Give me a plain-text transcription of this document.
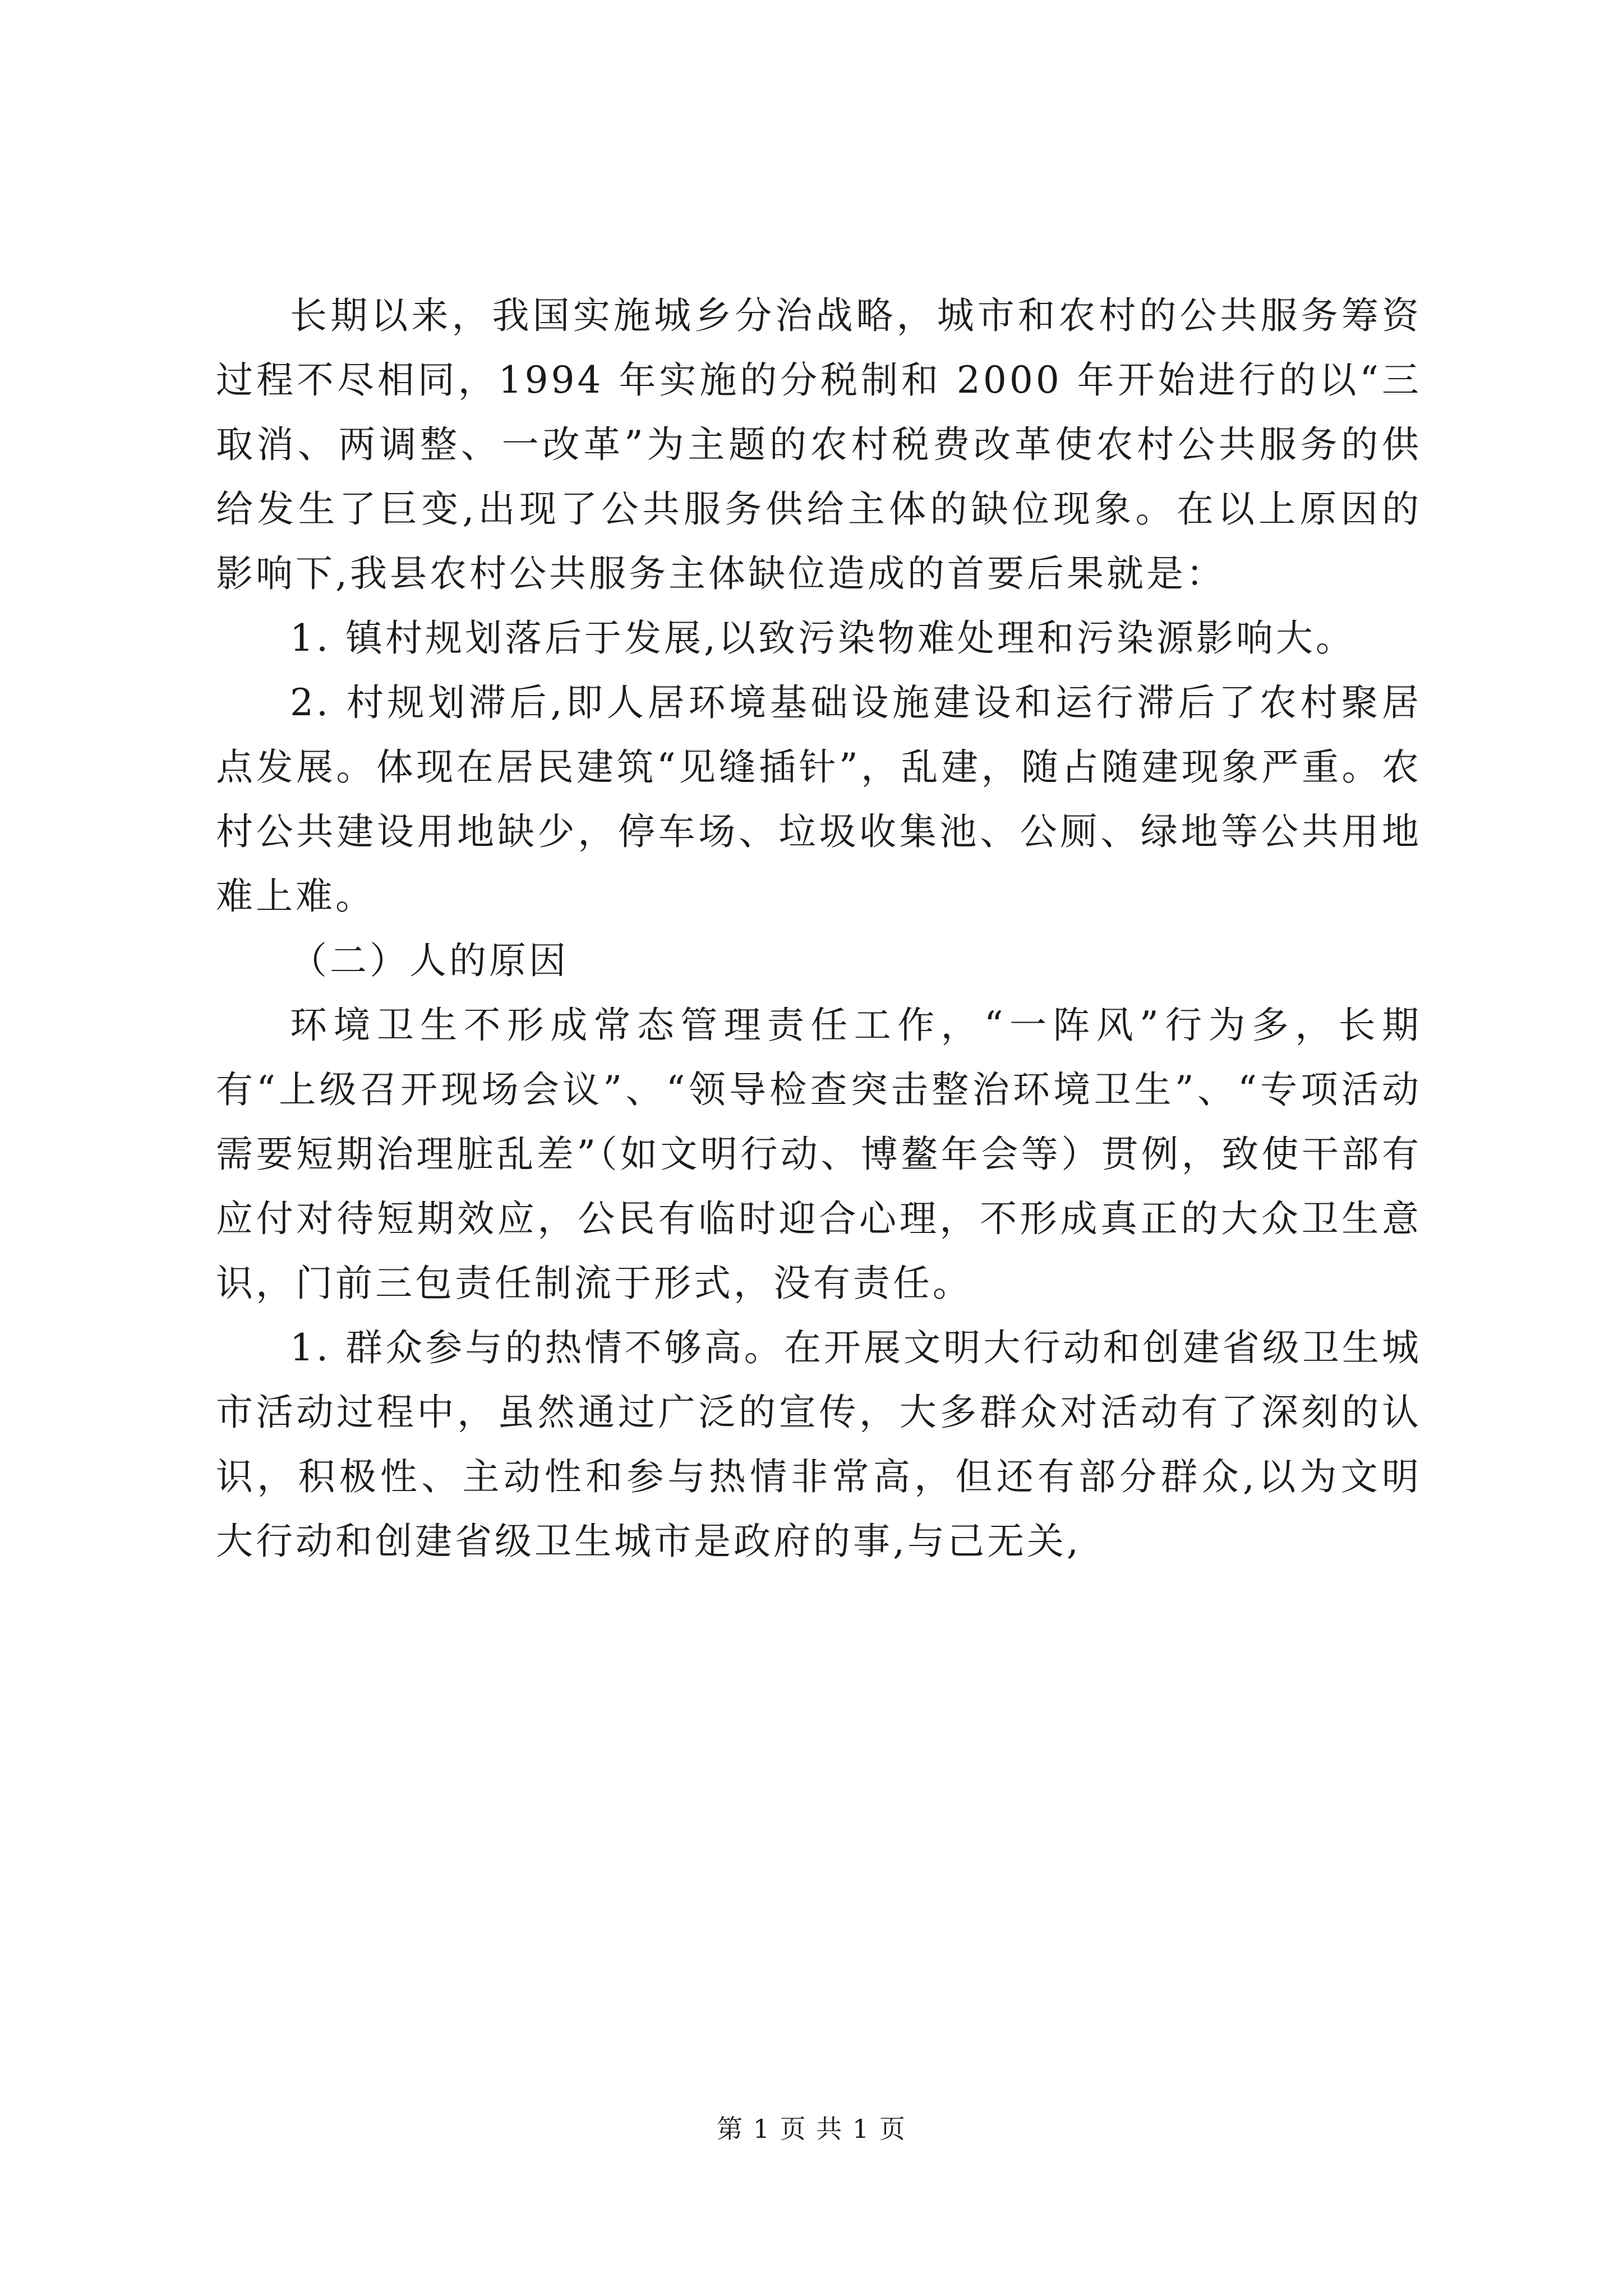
长期以来，我国实施城乡分治战略，城市和农村的公共服务筹资过程不尽相同，1994 年实施的分税制和 2000 年开始进行的以“三取消、两调整、一改革”为主题的农村税费改革使农村公共服务的供给发生了巨变,出现了公共服务供给主体的缺位现象。在以上原因的影响下,我县农村公共服务主体缺位造成的首要后果就是：

1. 镇村规划落后于发展,以致污染物难处理和污染源影响大。

2. 村规划滞后,即人居环境基础设施建设和运行滞后了农村聚居点发展。体现在居民建筑“见缝插针”，乱建，随占随建现象严重。农村公共建设用地缺少，停车场、垃圾收集池、公厕、绿地等公共用地难上难。

（二）人的原因

环境卫生不形成常态管理责任工作，“一阵风”行为多，长期有“上级召开现场会议”、“领导检查突击整治环境卫生”、“专项活动需要短期治理脏乱差”（如文明行动、博鳌年会等）贯例，致使干部有应付对待短期效应，公民有临时迎合心理，不形成真正的大众卫生意识，门前三包责任制流于形式，没有责任。

1. 群众参与的热情不够高。在开展文明大行动和创建省级卫生城市活动过程中，虽然通过广泛的宣传，大多群众对活动有了深刻的认识，积极性、主动性和参与热情非常高，但还有部分群众,以为文明大行动和创建省级卫生城市是政府的事,与己无关,

第 1 页 共 1 页
